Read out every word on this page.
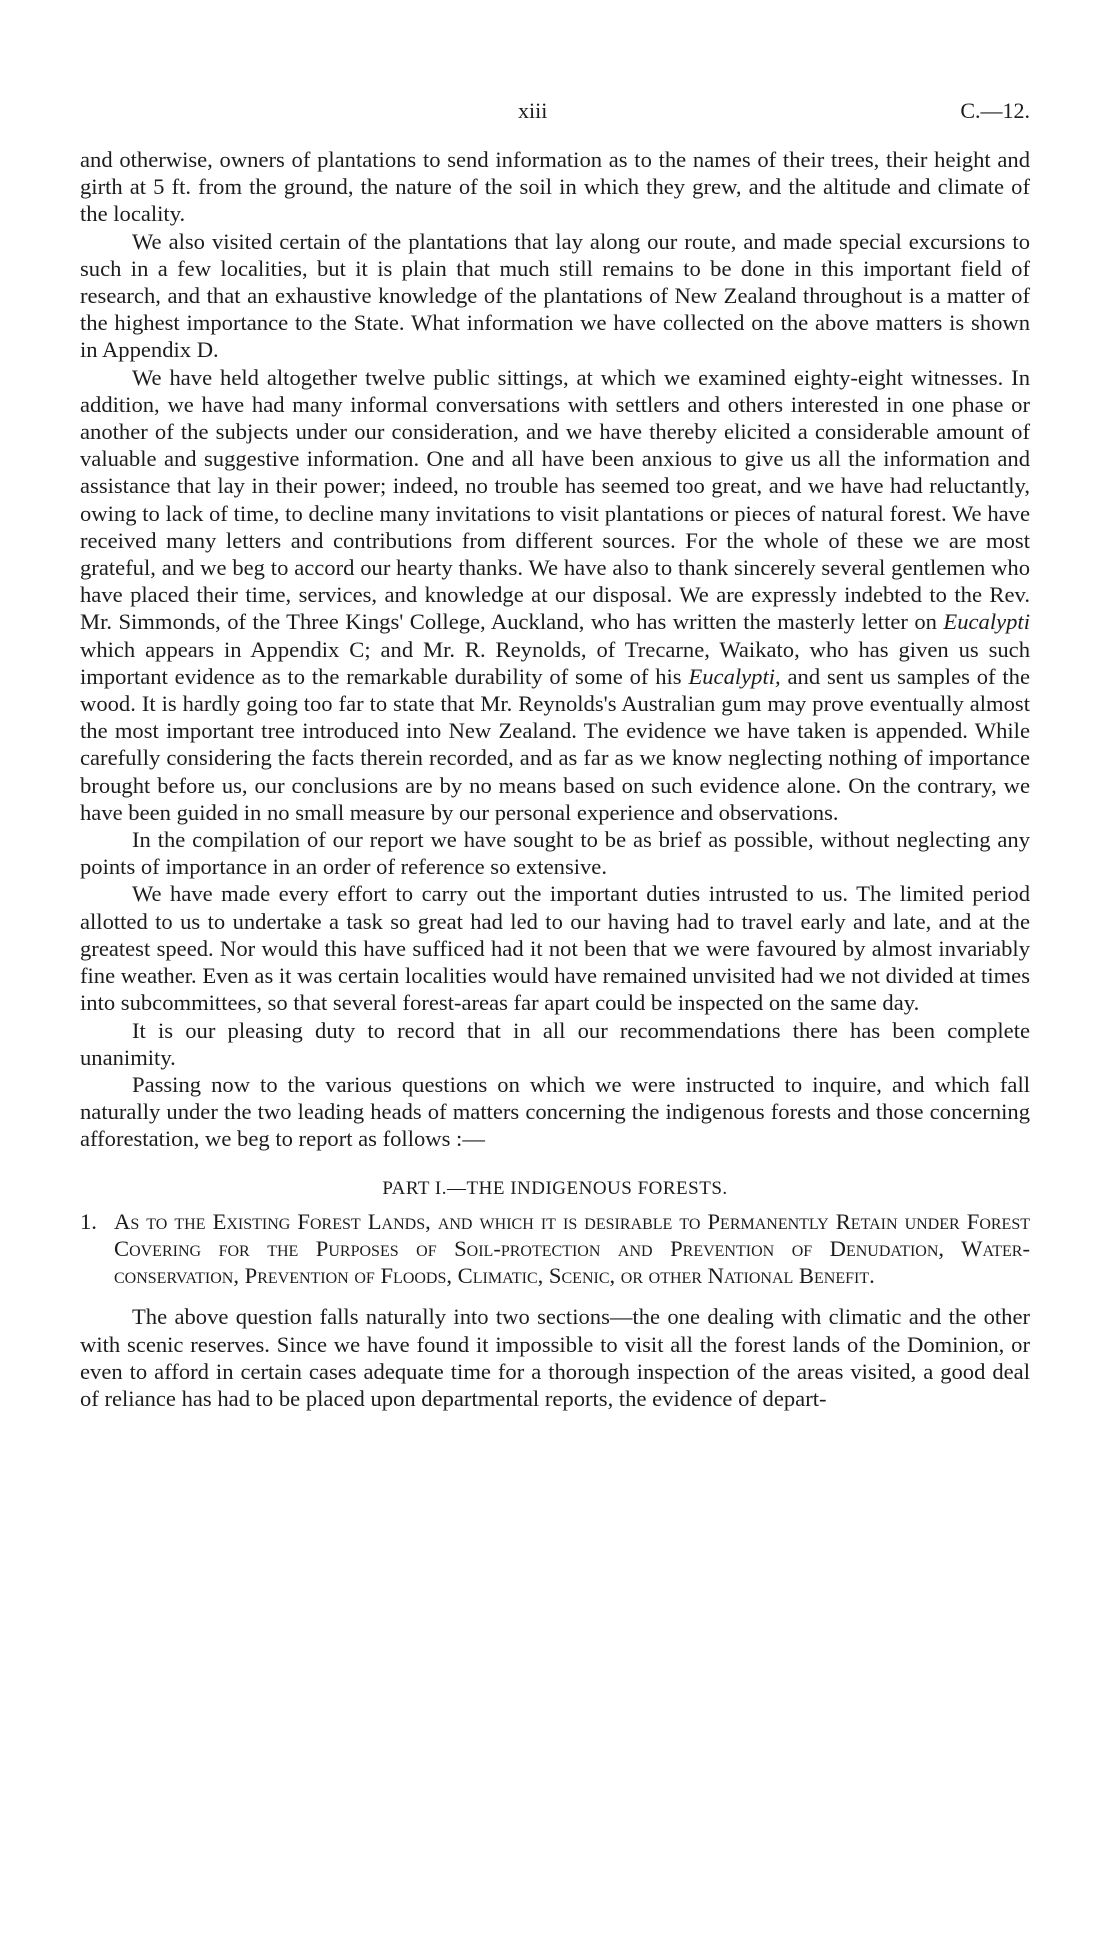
xiii	C.—12.

and otherwise, owners of plantations to send information as to the names of their trees, their height and girth at 5 ft. from the ground, the nature of the soil in which they grew, and the altitude and climate of the locality.

We also visited certain of the plantations that lay along our route, and made special excursions to such in a few localities, but it is plain that much still remains to be done in this important field of research, and that an exhaustive knowledge of the plantations of New Zealand throughout is a matter of the highest importance to the State. What information we have collected on the above matters is shown in Appendix D.

We have held altogether twelve public sittings, at which we examined eighty-eight witnesses. In addition, we have had many informal conversations with settlers and others interested in one phase or another of the subjects under our consideration, and we have thereby elicited a considerable amount of valuable and suggestive information. One and all have been anxious to give us all the information and assistance that lay in their power; indeed, no trouble has seemed too great, and we have had reluctantly, owing to lack of time, to decline many invitations to visit plantations or pieces of natural forest. We have received many letters and contributions from different sources. For the whole of these we are most grateful, and we beg to accord our hearty thanks. We have also to thank sincerely several gentlemen who have placed their time, services, and knowledge at our disposal. We are expressly indebted to the Rev. Mr. Simmonds, of the Three Kings' College, Auckland, who has written the masterly letter on Eucalypti which appears in Appendix C; and Mr. R. Reynolds, of Trecarne, Waikato, who has given us such important evidence as to the remarkable durability of some of his Eucalypti, and sent us samples of the wood. It is hardly going too far to state that Mr. Reynolds's Australian gum may prove eventually almost the most important tree introduced into New Zealand. The evidence we have taken is appended. While carefully considering the facts therein recorded, and as far as we know neglecting nothing of importance brought before us, our conclusions are by no means based on such evidence alone. On the contrary, we have been guided in no small measure by our personal experience and observations.

In the compilation of our report we have sought to be as brief as possible, without neglecting any points of importance in an order of reference so extensive.

We have made every effort to carry out the important duties intrusted to us. The limited period allotted to us to undertake a task so great had led to our having had to travel early and late, and at the greatest speed. Nor would this have sufficed had it not been that we were favoured by almost invariably fine weather. Even as it was certain localities would have remained unvisited had we not divided at times into subcommittees, so that several forest-areas far apart could be inspected on the same day.

It is our pleasing duty to record that in all our recommendations there has been complete unanimity.

Passing now to the various questions on which we were instructed to inquire, and which fall naturally under the two leading heads of matters concerning the indigenous forests and those concerning afforestation, we beg to report as follows :—

PART I.—THE INDIGENOUS FORESTS.

1. As to the Existing Forest Lands, and which it is desirable to Permanently Retain under Forest Covering for the Purposes of Soil-protection and Prevention of Denudation, Water-conservation, Prevention of Floods, Climatic, Scenic, or other National Benefit.

The above question falls naturally into two sections—the one dealing with climatic and the other with scenic reserves. Since we have found it impossible to visit all the forest lands of the Dominion, or even to afford in certain cases adequate time for a thorough inspection of the areas visited, a good deal of reliance has had to be placed upon departmental reports, the evidence of depart-
